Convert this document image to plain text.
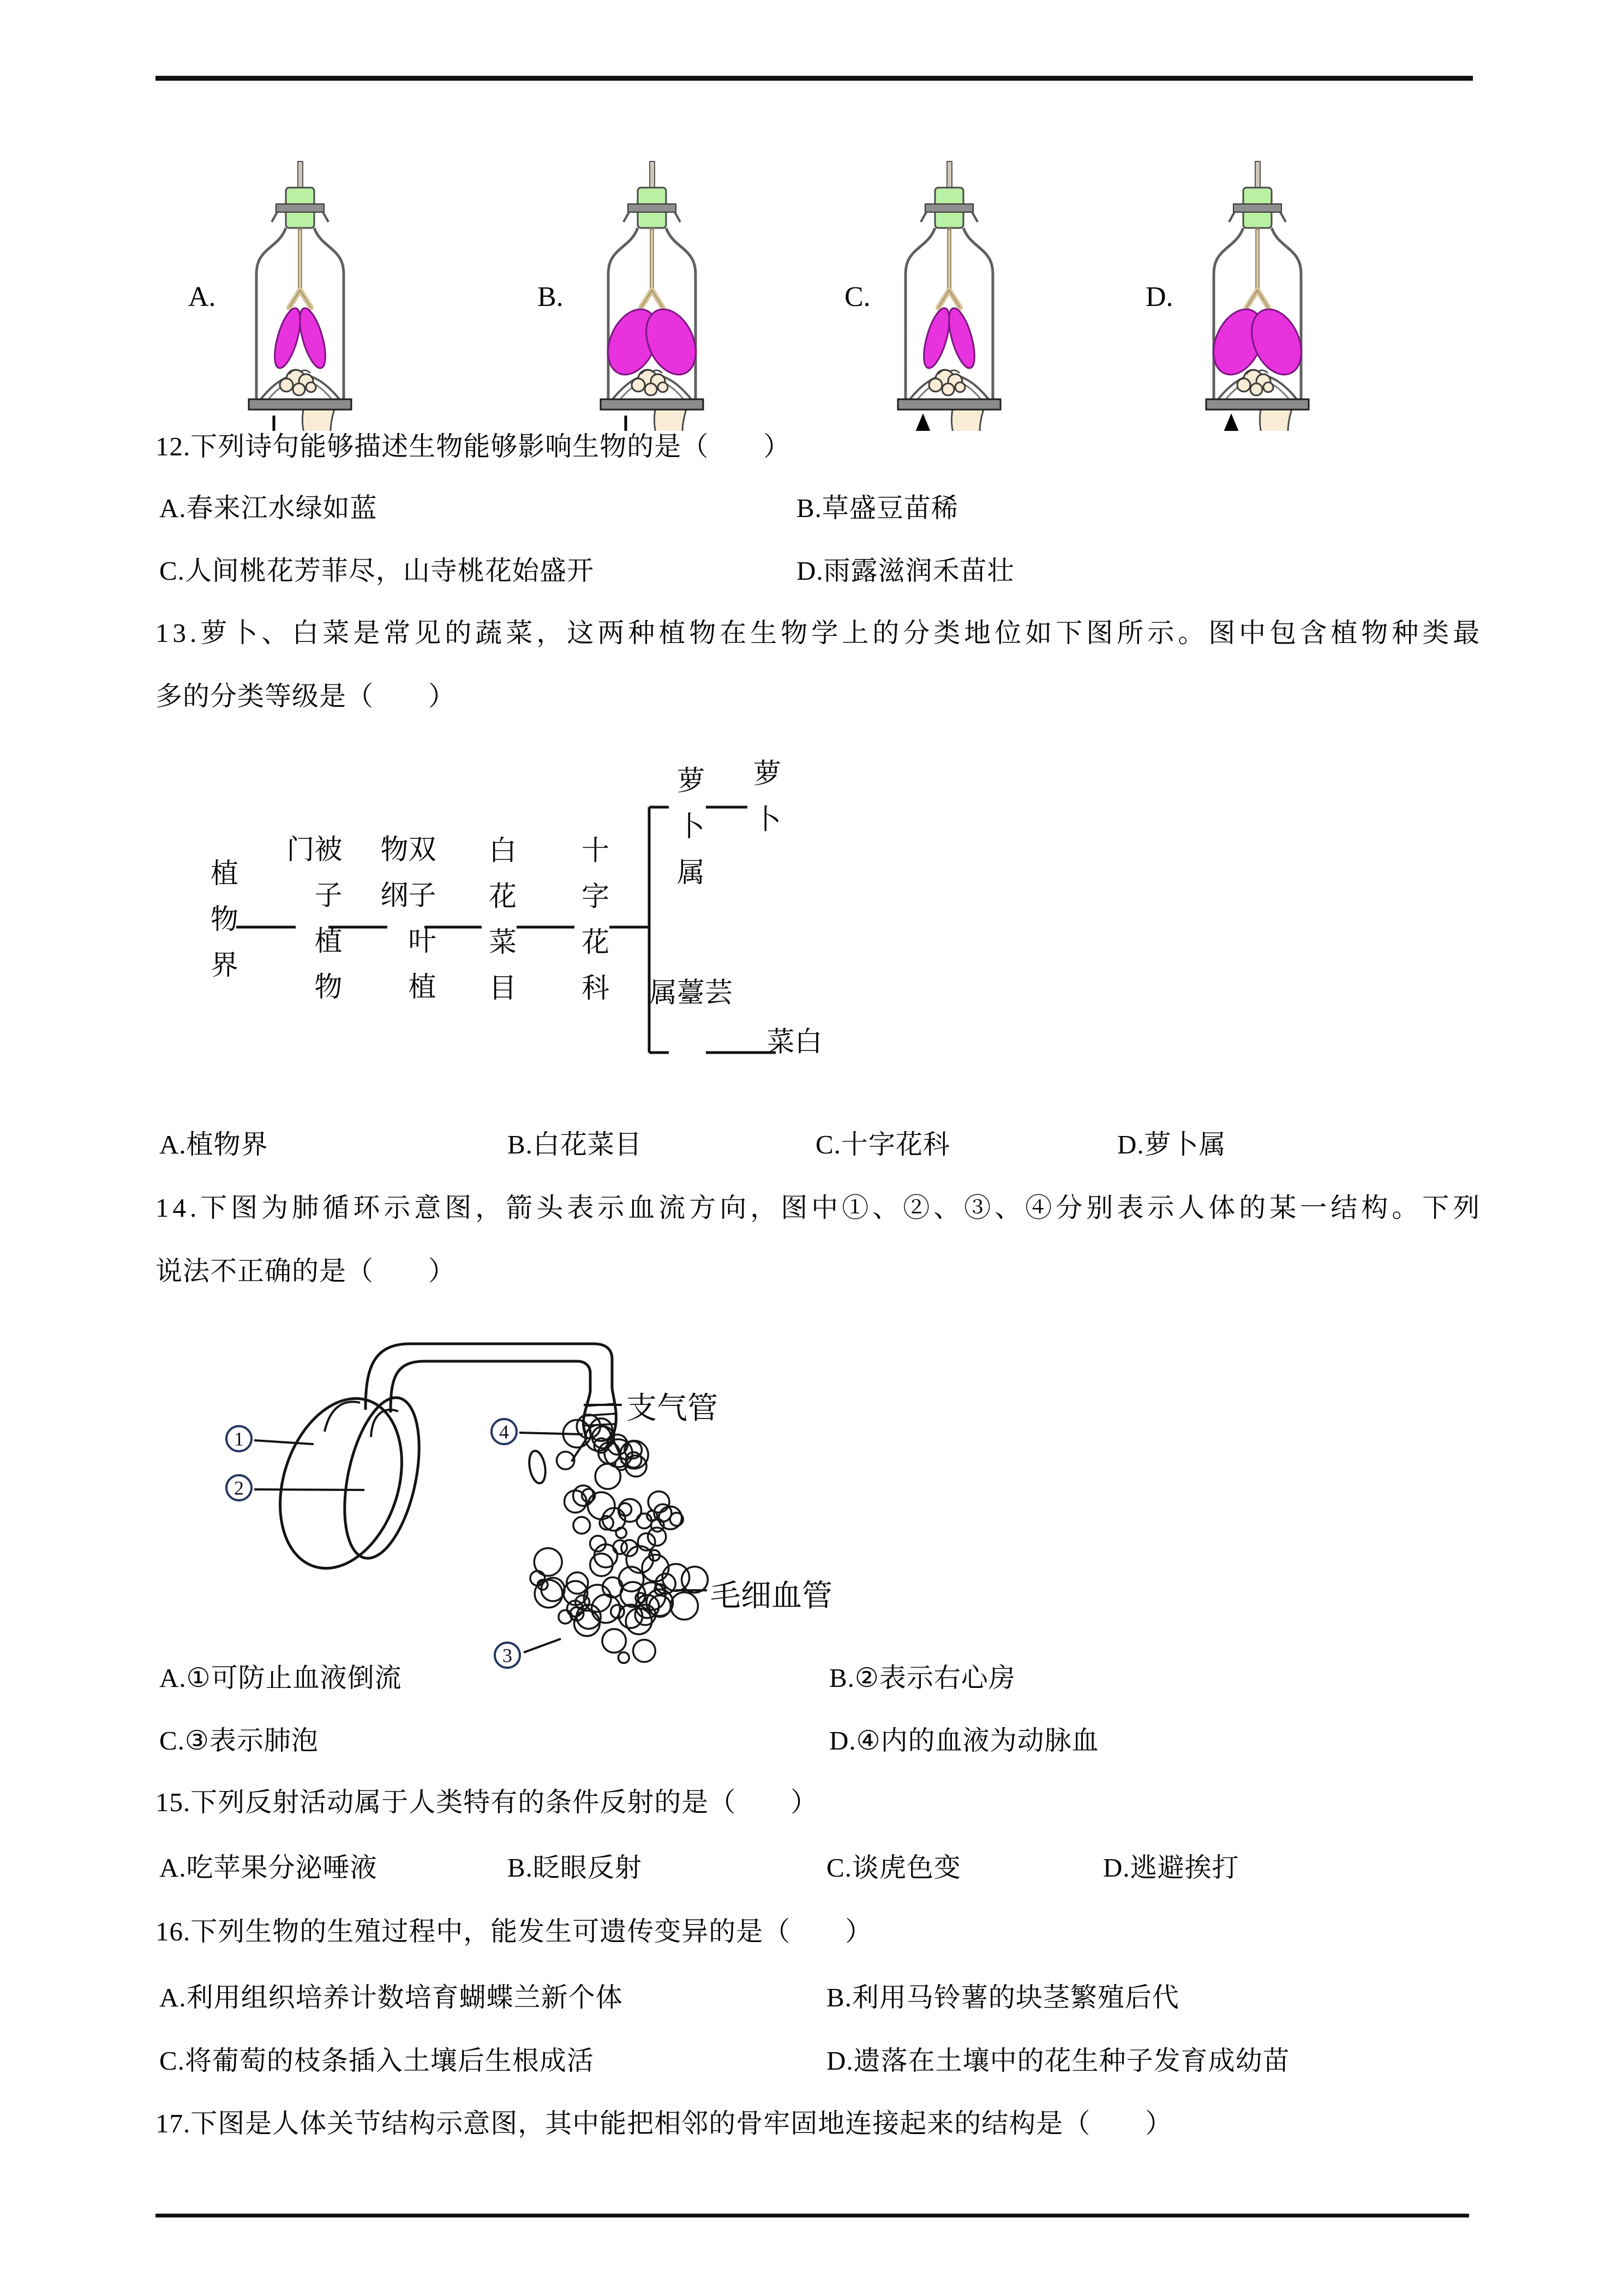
A.	B.	C.	D.
12.下列诗句能够描述生物能够影响生物的是（　　）
A.春来江水绿如蓝	B.草盛豆苗稀
C.人间桃花芳菲尽，山寺桃花始盛开	D.雨露滋润禾苗壮
13.萝卜、白菜是常见的蔬菜，这两种植物在生物学上的分类地位如下图所示。图中包含植物种类最
多的分类等级是（　　）
植物界	被子植物门	双子叶植物纲	白花菜目 十字花科
萝卜属 萝卜
芸薹属
白菜
A.植物界	B.白花菜目	C.十字花科	D.萝卜属
14.下图为肺循环示意图，箭头表示血流方向，图中①、②、③、④分别表示人体的某一结构。下列
说法不正确的是（　　）
1
2
3
4
支气管
毛细血管
A.①可防止血液倒流	B.②表示右心房
C.③表示肺泡	D.④内的血液为动脉血
15.下列反射活动属于人类特有的条件反射的是（　　）
A.吃苹果分泌唾液	B.眨眼反射	C.谈虎色变	D.逃避挨打
16.下列生物的生殖过程中，能发生可遗传变异的是（　　）
A.利用组织培养计数培育蝴蝶兰新个体	B.利用马铃薯的块茎繁殖后代
C.将葡萄的枝条插入土壤后生根成活	D.遗落在土壤中的花生种子发育成幼苗
17.下图是人体关节结构示意图，其中能把相邻的骨牢固地连接起来的结构是（　　）
